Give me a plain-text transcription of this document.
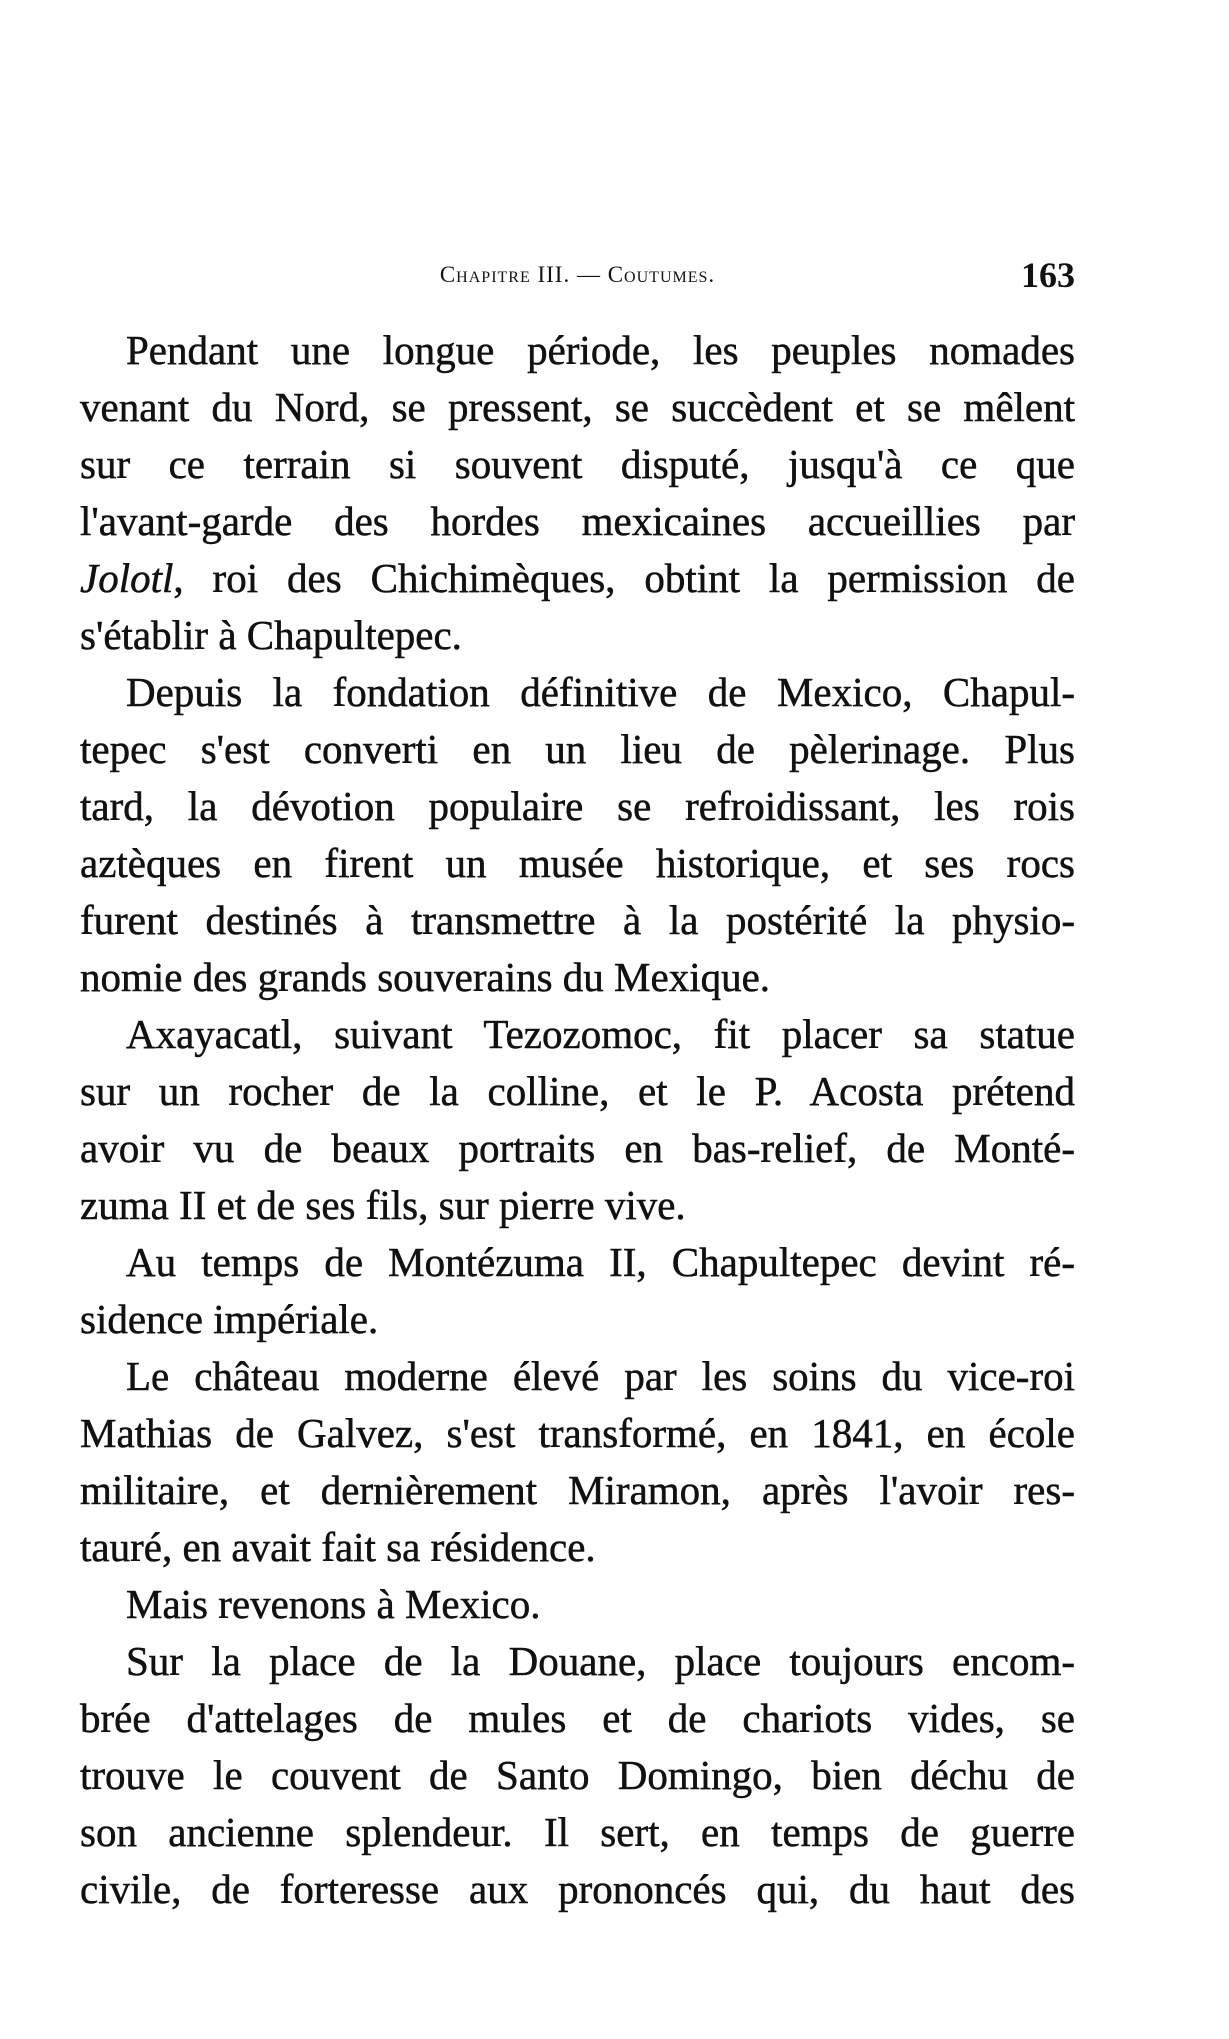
Chapitre III. — Coutumes.	163
Pendant une longue période, les peuples nomades
venant du Nord, se pressent, se succèdent et se mêlent
sur ce terrain si souvent disputé, jusqu'à ce que
l'avant-garde des hordes mexicaines accueillies par
Jolotl, roi des Chichimèques, obtint la permission de
s'établir à Chapultepec.
Depuis la fondation définitive de Mexico, Chapul-
tepec s'est converti en un lieu de pèlerinage. Plus
tard, la dévotion populaire se refroidissant, les rois
aztèques en firent un musée historique, et ses rocs
furent destinés à transmettre à la postérité la physio-
nomie des grands souverains du Mexique.
Axayacatl, suivant Tezozomoc, fit placer sa statue
sur un rocher de la colline, et le P. Acosta prétend
avoir vu de beaux portraits en bas-relief, de Monté-
zuma II et de ses fils, sur pierre vive.
Au temps de Montézuma II, Chapultepec devint ré-
sidence impériale.
Le château moderne élevé par les soins du vice-roi
Mathias de Galvez, s'est transformé, en 1841, en école
militaire, et dernièrement Miramon, après l'avoir res-
tauré, en avait fait sa résidence.
Mais revenons à Mexico.
Sur la place de la Douane, place toujours encom-
brée d'attelages de mules et de chariots vides, se
trouve le couvent de Santo Domingo, bien déchu de
son ancienne splendeur. Il sert, en temps de guerre
civile, de forteresse aux prononcés qui, du haut des
